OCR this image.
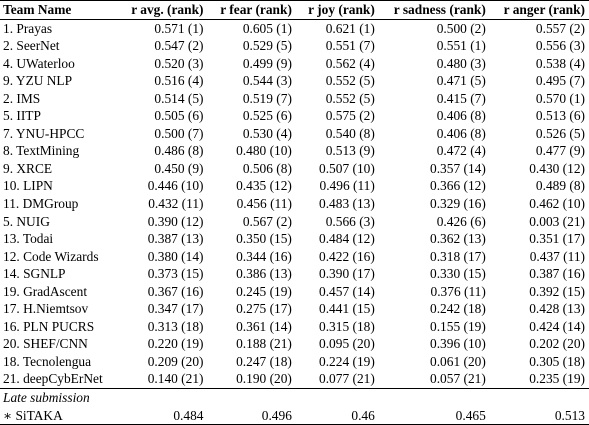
Team Name	r avg. (rank)	r fear (rank)	r joy (rank)	r sadness (rank)	r anger (rank)
1. Prayas	0.571 (1)	0.605 (1)	0.621 (1)	0.500 (2)	0.557 (2)
2. SeerNet	0.547 (2)	0.529 (5)	0.551 (7)	0.551 (1)	0.556 (3)
4. UWaterloo	0.520 (3)	0.499 (9)	0.562 (4)	0.480 (3)	0.538 (4)
9. YZU NLP	0.516 (4)	0.544 (3)	0.552 (5)	0.471 (5)	0.495 (7)
2. IMS	0.514 (5)	0.519 (7)	0.552 (5)	0.415 (7)	0.570 (1)
5. IITP	0.505 (6)	0.525 (6)	0.575 (2)	0.406 (8)	0.513 (6)
7. YNU-HPCC	0.500 (7)	0.530 (4)	0.540 (8)	0.406 (8)	0.526 (5)
8. TextMining	0.486 (8)	0.480 (10)	0.513 (9)	0.472 (4)	0.477 (9)
9. XRCE	0.450 (9)	0.506 (8)	0.507 (10)	0.357 (14)	0.430 (12)
10. LIPN	0.446 (10)	0.435 (12)	0.496 (11)	0.366 (12)	0.489 (8)
11. DMGroup	0.432 (11)	0.456 (11)	0.483 (13)	0.329 (16)	0.462 (10)
5. NUIG	0.390 (12)	0.567 (2)	0.566 (3)	0.426 (6)	0.003 (21)
13. Todai	0.387 (13)	0.350 (15)	0.484 (12)	0.362 (13)	0.351 (17)
12. Code Wizards	0.380 (14)	0.344 (16)	0.422 (16)	0.318 (17)	0.437 (11)
14. SGNLP	0.373 (15)	0.386 (13)	0.390 (17)	0.330 (15)	0.387 (16)
19. GradAscent	0.367 (16)	0.245 (19)	0.457 (14)	0.376 (11)	0.392 (15)
17. H.Niemtsov	0.347 (17)	0.275 (17)	0.441 (15)	0.242 (18)	0.428 (13)
16. PLN PUCRS	0.313 (18)	0.361 (14)	0.315 (18)	0.155 (19)	0.424 (14)
20. SHEF/CNN	0.220 (19)	0.188 (21)	0.095 (20)	0.396 (10)	0.202 (20)
18. Tecnolengua	0.209 (20)	0.247 (18)	0.224 (19)	0.061 (20)	0.305 (18)
21. deepCybErNet	0.140 (21)	0.190 (20)	0.077 (21)	0.057 (21)	0.235 (19)
Late submission					
∗ SiTAKA	0.484	0.496	0.46	0.465	0.513
